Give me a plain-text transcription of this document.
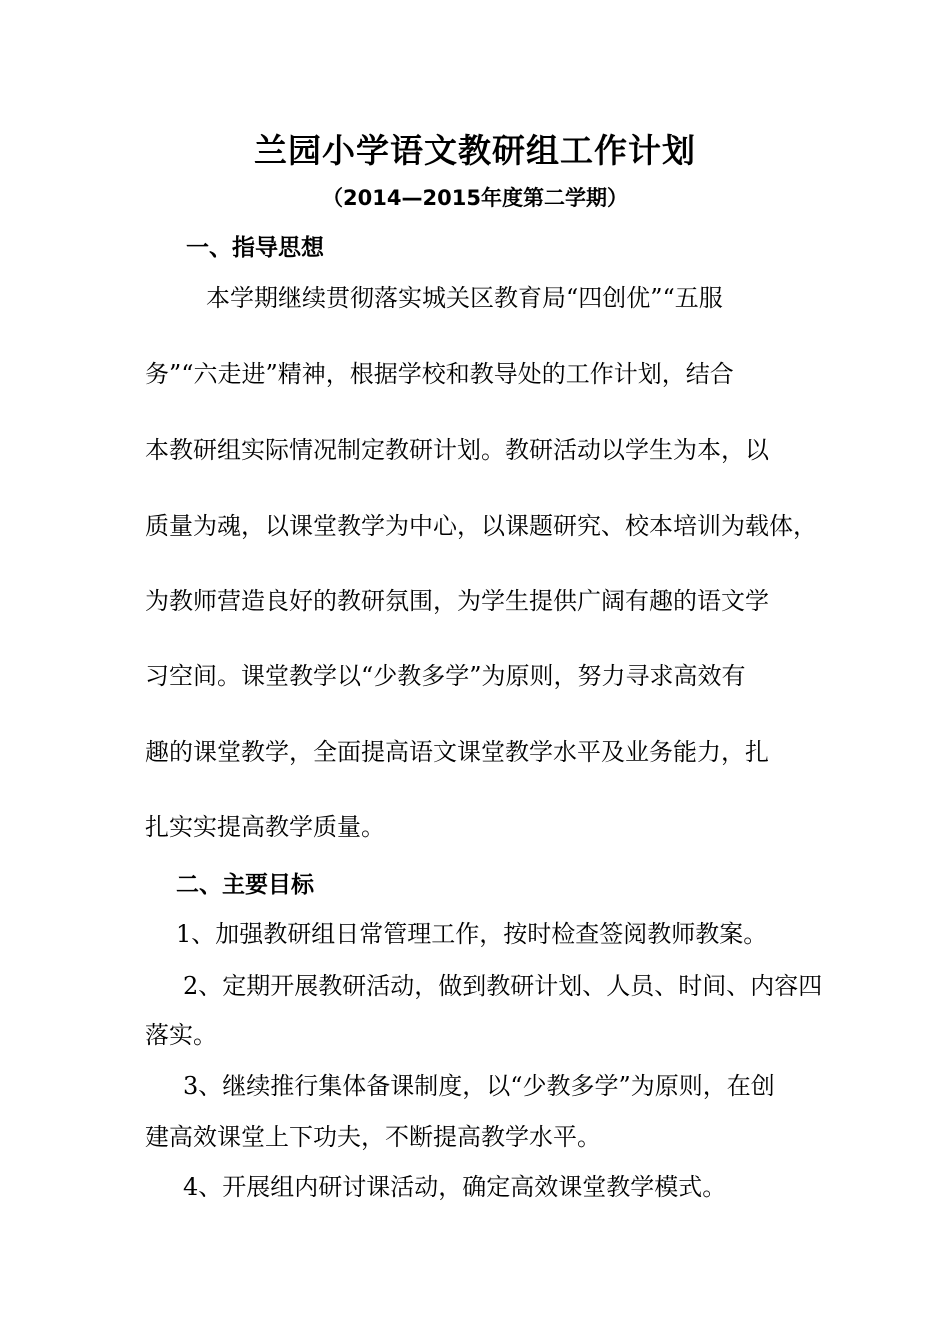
兰园小学语文教研组工作计划
（2014—2015年度第二学期）
一、指导思想
本学期继续贯彻落实城关区教育局“四创优”“五服
务”“六走进”精神，根据学校和教导处的工作计划，结合
本教研组实际情况制定教研计划。教研活动以学生为本，以
质量为魂，以课堂教学为中心，以课题研究、校本培训为载体，
为教师营造良好的教研氛围，为学生提供广阔有趣的语文学
习空间。课堂教学以“少教多学”为原则，努力寻求高效有
趣的课堂教学，全面提高语文课堂教学水平及业务能力，扎
扎实实提高教学质量。
二、主要目标
1、加强教研组日常管理工作，按时检查签阅教师教案。
2、定期开展教研活动，做到教研计划、人员、时间、内容四
落实。
3、继续推行集体备课制度，以“少教多学”为原则，在创
建高效课堂上下功夫，不断提高教学水平。
4、开展组内研讨课活动，确定高效课堂教学模式。
